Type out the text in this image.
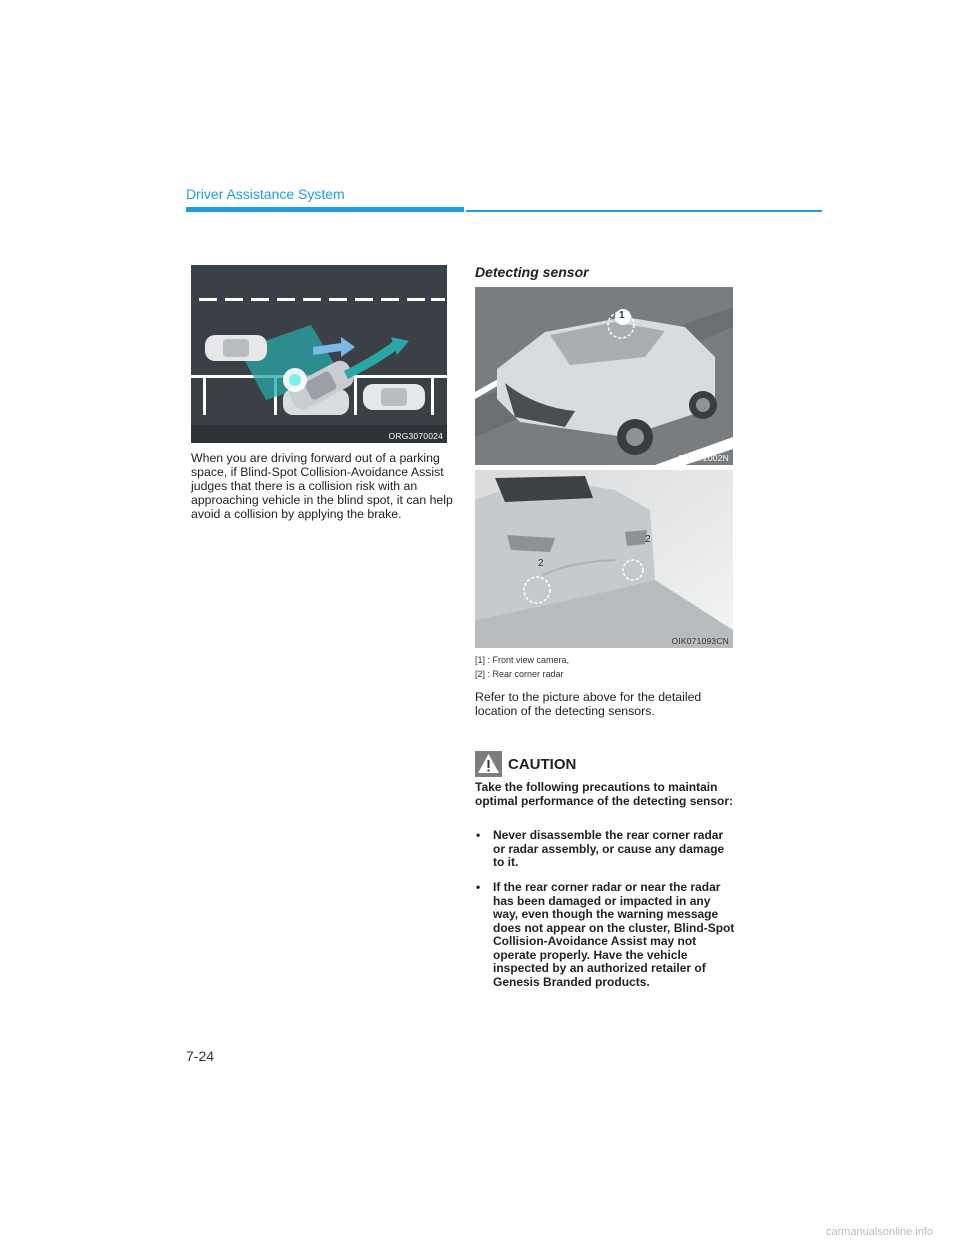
Driver Assistance System
ORG3070024
When you are driving forward out of a parking space, if Blind-Spot Collision-Avoidance Assist judges that there is a collision risk with an approaching vehicle in the blind spot, it can help avoid a collision by applying the brake.
Detecting sensor
1
OIK072002N
2
2
OIK071093CN
[1] : Front view camera,
[2] : Rear corner radar
Refer to the picture above for the detailed location of the detecting sensors.
CAUTION
Take the following precautions to maintain optimal performance of the detecting sensor:
• Never disassemble the rear corner radar or radar assembly, or cause any damage to it.
• If the rear corner radar or near the radar has been damaged or impacted in any way, even though the warning message does not appear on the cluster, Blind-Spot Collision-Avoidance Assist may not operate properly. Have the vehicle inspected by an authorized retailer of Genesis Branded products.
7-24
carmanualsonline.info
